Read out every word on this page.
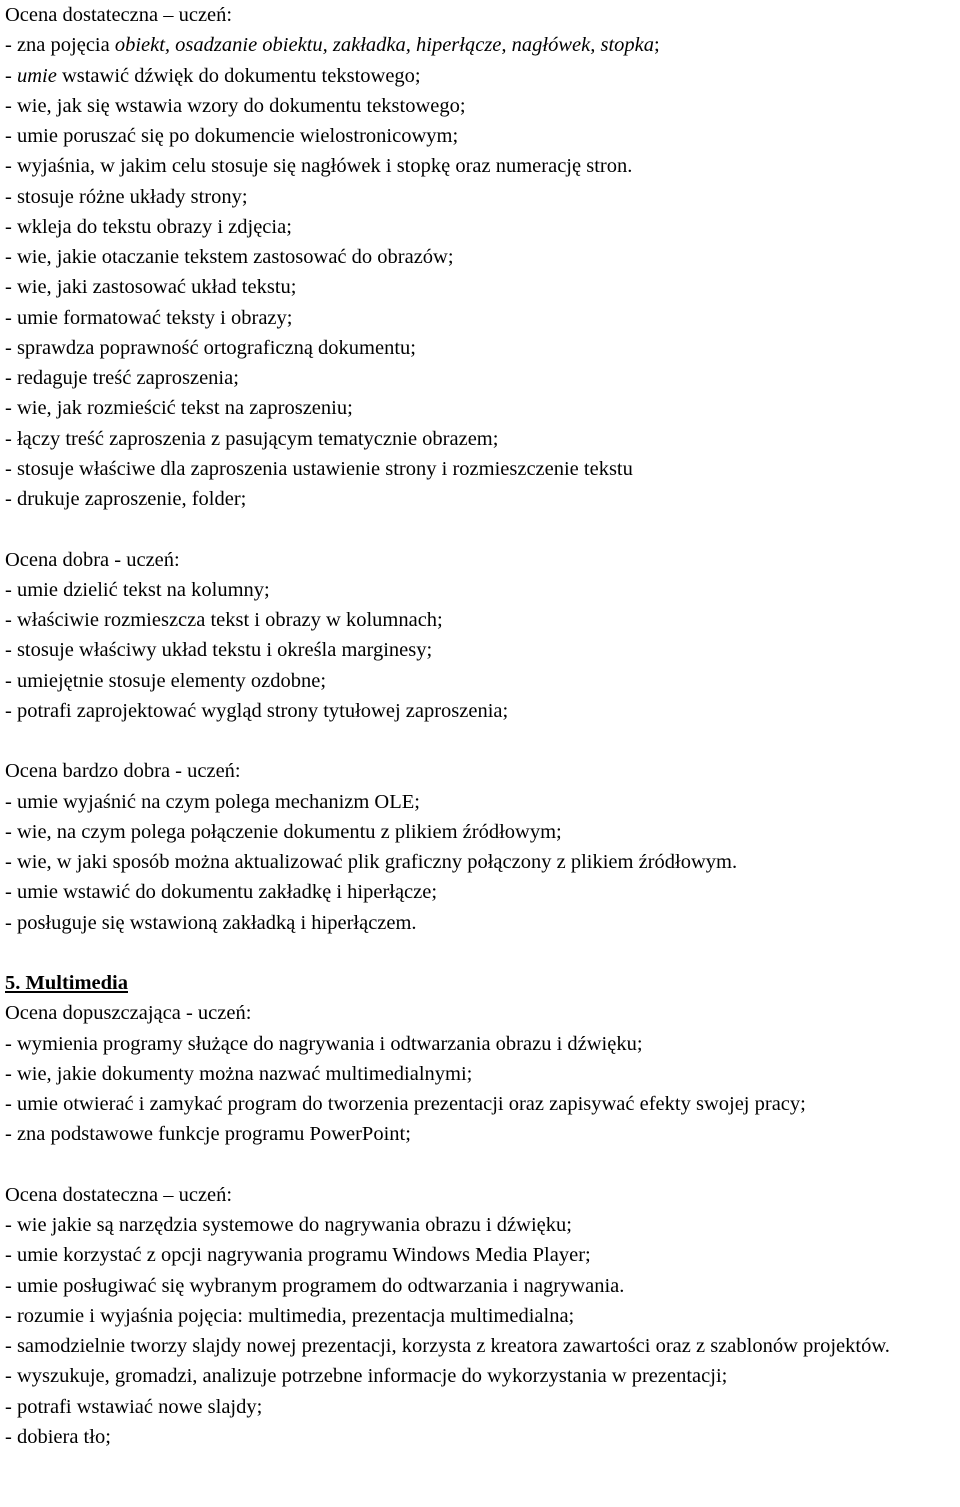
Ocena dostateczna – uczeń:
- zna pojęcia obiekt, osadzanie obiektu, zakładka, hiperłącze, nagłówek, stopka;
- umie wstawić dźwięk do dokumentu tekstowego;
- wie, jak się wstawia wzory do dokumentu tekstowego;
- umie poruszać się po dokumencie wielostronicowym;
- wyjaśnia, w jakim celu stosuje się nagłówek i stopkę oraz numerację stron.
- stosuje różne układy strony;
- wkleja do tekstu obrazy i zdjęcia;
- wie, jakie otaczanie tekstem zastosować do obrazów;
- wie, jaki zastosować układ tekstu;
- umie formatować teksty i obrazy;
- sprawdza poprawność ortograficzną dokumentu;
- redaguje treść zaproszenia;
- wie, jak rozmieścić tekst na zaproszeniu;
- łączy treść zaproszenia z pasującym tematycznie obrazem;
- stosuje właściwe dla zaproszenia ustawienie strony i rozmieszczenie tekstu
- drukuje zaproszenie, folder;
Ocena dobra - uczeń:
- umie dzielić tekst na kolumny;
- właściwie rozmieszcza tekst i obrazy w kolumnach;
- stosuje właściwy układ tekstu i określa marginesy;
- umiejętnie stosuje elementy ozdobne;
- potrafi zaprojektować wygląd strony tytułowej zaproszenia;
Ocena bardzo dobra - uczeń:
- umie wyjaśnić na czym polega mechanizm OLE;
- wie, na czym polega połączenie dokumentu z plikiem źródłowym;
- wie, w jaki sposób można aktualizować plik graficzny połączony z plikiem źródłowym.
- umie wstawić do dokumentu zakładkę i hiperłącze;
- posługuje się wstawioną zakładką i hiperłączem.
5. Multimedia
Ocena dopuszczająca - uczeń:
- wymienia programy służące do nagrywania i odtwarzania obrazu i dźwięku;
- wie, jakie dokumenty można nazwać multimedialnymi;
- umie otwierać i zamykać program do tworzenia prezentacji oraz zapisywać efekty swojej pracy;
- zna podstawowe funkcje programu PowerPoint;
Ocena dostateczna – uczeń:
- wie jakie są narzędzia systemowe do nagrywania obrazu i dźwięku;
- umie korzystać z opcji nagrywania programu Windows Media Player;
- umie posługiwać się wybranym programem do odtwarzania i nagrywania.
- rozumie i wyjaśnia pojęcia: multimedia, prezentacja multimedialna;
- samodzielnie tworzy slajdy nowej prezentacji, korzysta z kreatora zawartości oraz z szablonów projektów.
- wyszukuje, gromadzi, analizuje potrzebne informacje do wykorzystania w prezentacji;
- potrafi wstawiać nowe slajdy;
- dobiera tło;
